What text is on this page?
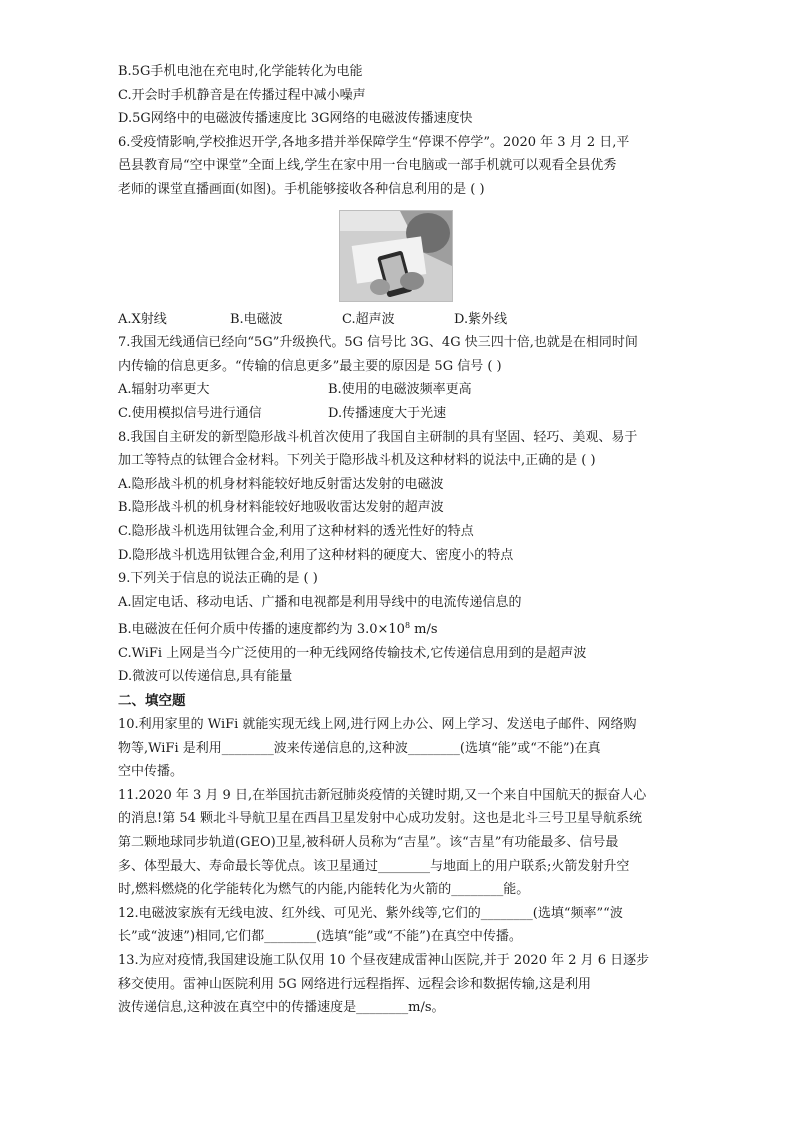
B.5G手机电池在充电时,化学能转化为电能
C.开会时手机静音是在传播过程中减小噪声
D.5G网络中的电磁波传播速度比 3G网络的电磁波传播速度快
6.受疫情影响,学校推迟开学,各地多措并举保障学生“停课不停学”。2020 年 3 月 2 日,平
邑县教育局“空中课堂”全面上线,学生在家中用一台电脑或一部手机就可以观看全县优秀
老师的课堂直播画面(如图)。手机能够接收各种信息利用的是 ( )
A.X射线	B.电磁波	C.超声波	D.紫外线
7.我国无线通信已经向“5G”升级换代。5G 信号比 3G、4G 快三四十倍,也就是在相同时间
内传输的信息更多。“传输的信息更多”最主要的原因是 5G 信号 ( )
A.辐射功率更大	B.使用的电磁波频率更高
C.使用模拟信号进行通信	D.传播速度大于光速
8.我国自主研发的新型隐形战斗机首次使用了我国自主研制的具有坚固、轻巧、美观、易于
加工等特点的钛锂合金材料。下列关于隐形战斗机及这种材料的说法中,正确的是 ( )
A.隐形战斗机的机身材料能较好地反射雷达发射的电磁波
B.隐形战斗机的机身材料能较好地吸收雷达发射的超声波
C.隐形战斗机选用钛锂合金,利用了这种材料的透光性好的特点
D.隐形战斗机选用钛锂合金,利用了这种材料的硬度大、密度小的特点
9.下列关于信息的说法正确的是 ( )
A.固定电话、移动电话、广播和电视都是利用导线中的电流传递信息的
B.电磁波在任何介质中传播的速度都约为 $3.0\times 10^8$ m/s
C.WiFi 上网是当今广泛使用的一种无线网络传输技术,它传递信息用到的是超声波
D.微波可以传递信息,具有能量
二、填空题
10.利用家里的 WiFi 就能实现无线上网,进行网上办公、网上学习、发送电子邮件、网络购
物等,WiFi 是利用________波来传递信息的,这种波________(选填“能”或“不能”)在真
空中传播。
11.2020 年 3 月 9 日,在举国抗击新冠肺炎疫情的关键时期,又一个来自中国航天的振奋人心
的消息!第 54 颗北斗导航卫星在西昌卫星发射中心成功发射。这也是北斗三号卫星导航系统
第二颗地球同步轨道(GEO)卫星,被科研人员称为“吉星”。该“吉星”有功能最多、信号最
多、体型最大、寿命最长等优点。该卫星通过________与地面上的用户联系;火箭发射升空
时,燃料燃烧的化学能转化为燃气的内能,内能转化为火箭的________能。
12.电磁波家族有无线电波、红外线、可见光、紫外线等,它们的________(选填“频率”“波
长”或“波速”)相同,它们都________(选填“能”或“不能”)在真空中传播。
13.为应对疫情,我国建设施工队仅用 10 个昼夜建成雷神山医院,并于 2020 年 2 月 6 日逐步
移交使用。雷神山医院利用 5G 网络进行远程指挥、远程会诊和数据传输,这是利用
波传递信息,这种波在真空中的传播速度是________m/s。
